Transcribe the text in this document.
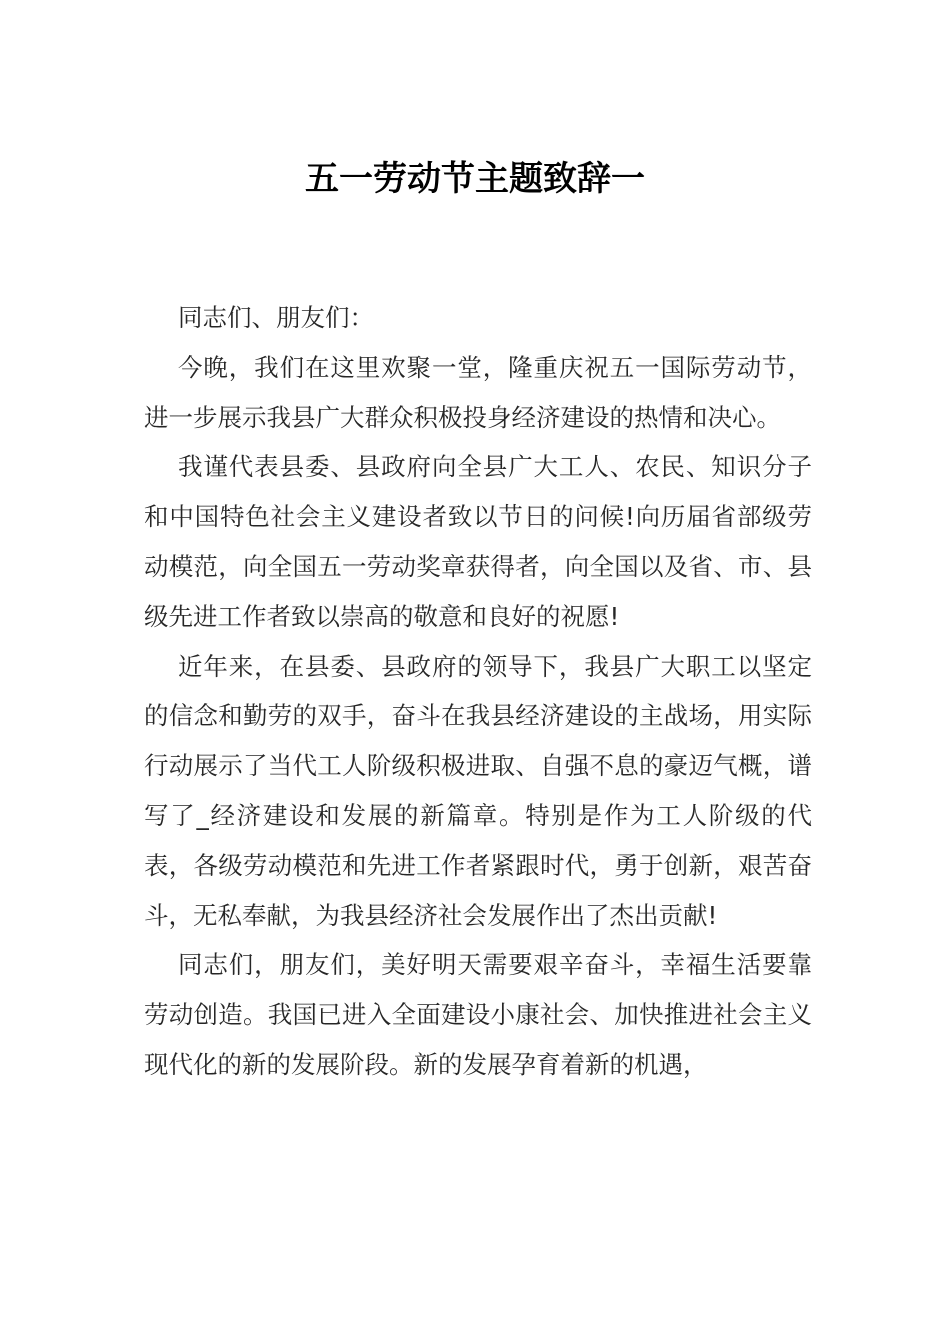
五一劳动节主题致辞一

同志们、朋友们：

今晚，我们在这里欢聚一堂，隆重庆祝五一国际劳动节，进一步展示我县广大群众积极投身经济建设的热情和决心。

我谨代表县委、县政府向全县广大工人、农民、知识分子和中国特色社会主义建设者致以节日的问候!向历届省部级劳动模范，向全国五一劳动奖章获得者，向全国以及省、市、县级先进工作者致以崇高的敬意和良好的祝愿!

近年来，在县委、县政府的领导下，我县广大职工以坚定的信念和勤劳的双手，奋斗在我县经济建设的主战场，用实际行动展示了当代工人阶级积极进取、自强不息的豪迈气概，谱写了_经济建设和发展的新篇章。特别是作为工人阶级的代表，各级劳动模范和先进工作者紧跟时代，勇于创新，艰苦奋斗，无私奉献，为我县经济社会发展作出了杰出贡献!

同志们，朋友们，美好明天需要艰辛奋斗，幸福生活要靠劳动创造。我国已进入全面建设小康社会、加快推进社会主义现代化的新的发展阶段。新的发展孕育着新的机遇，
